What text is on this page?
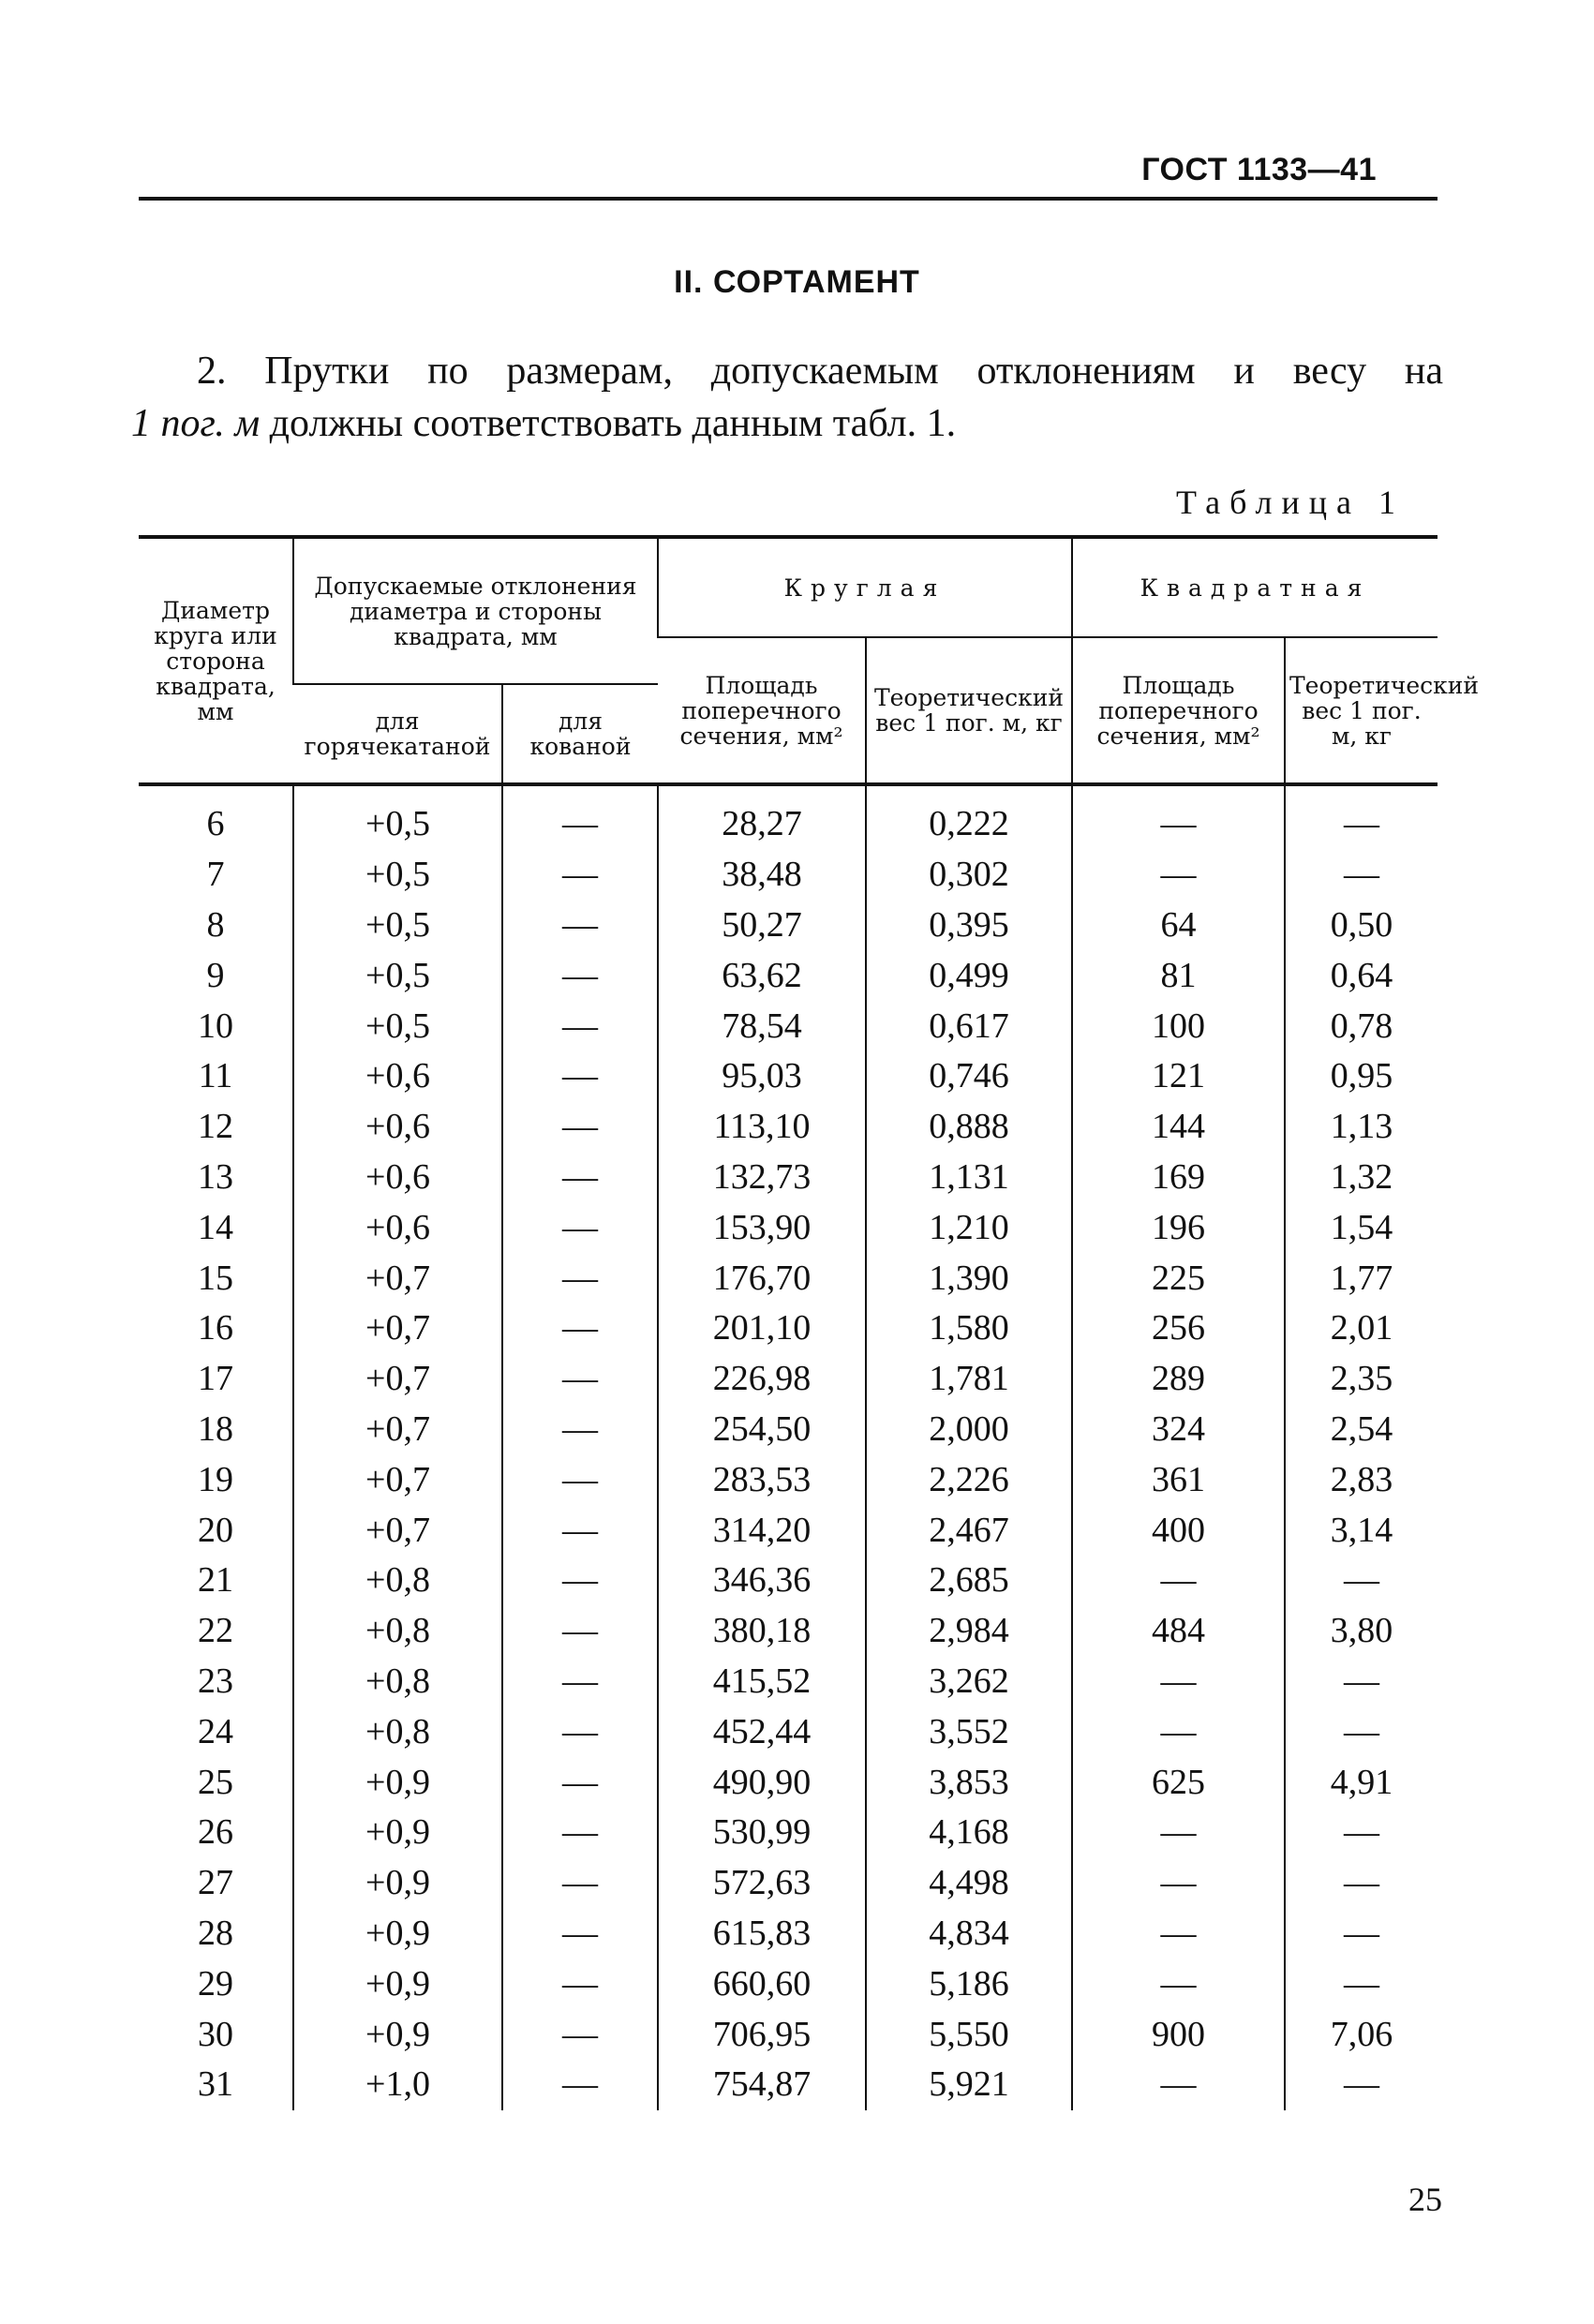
ГОСТ 1133—41
II. СОРТАМЕНТ
2. Прутки по размерам, допускаемым отклонениям и весу на
1 пог. м должны соответствовать данным табл. 1.
Таблица 1
Диаметр круга или сторона квадрата, мм	Допускаемые отклонения диаметра и стороны квадрата, мм		Круглая		Квадратная	
			Площадь поперечного сечения, мм²	Теоретический вес 1 пог. м, кг	Площадь поперечного сечения, мм²	Теоретический вес 1 пог. м, кг
	для горячекатаной	для кованой				
6	+0,5	—	28,27	0,222	—	—
7	+0,5	—	38,48	0,302	—	—
8	+0,5	—	50,27	0,395	64	0,50
9	+0,5	—	63,62	0,499	81	0,64
10	+0,5	—	78,54	0,617	100	0,78
11	+0,6	—	95,03	0,746	121	0,95
12	+0,6	—	113,10	0,888	144	1,13
13	+0,6	—	132,73	1,131	169	1,32
14	+0,6	—	153,90	1,210	196	1,54
15	+0,7	—	176,70	1,390	225	1,77
16	+0,7	—	201,10	1,580	256	2,01
17	+0,7	—	226,98	1,781	289	2,35
18	+0,7	—	254,50	2,000	324	2,54
19	+0,7	—	283,53	2,226	361	2,83
20	+0,7	—	314,20	2,467	400	3,14
21	+0,8	—	346,36	2,685	—	—
22	+0,8	—	380,18	2,984	484	3,80
23	+0,8	—	415,52	3,262	—	—
24	+0,8	—	452,44	3,552	—	—
25	+0,9	—	490,90	3,853	625	4,91
26	+0,9	—	530,99	4,168	—	—
27	+0,9	—	572,63	4,498	—	—
28	+0,9	—	615,83	4,834	—	—
29	+0,9	—	660,60	5,186	—	—
30	+0,9	—	706,95	5,550	900	7,06
31	+1,0	—	754,87	5,921	—	—
25
